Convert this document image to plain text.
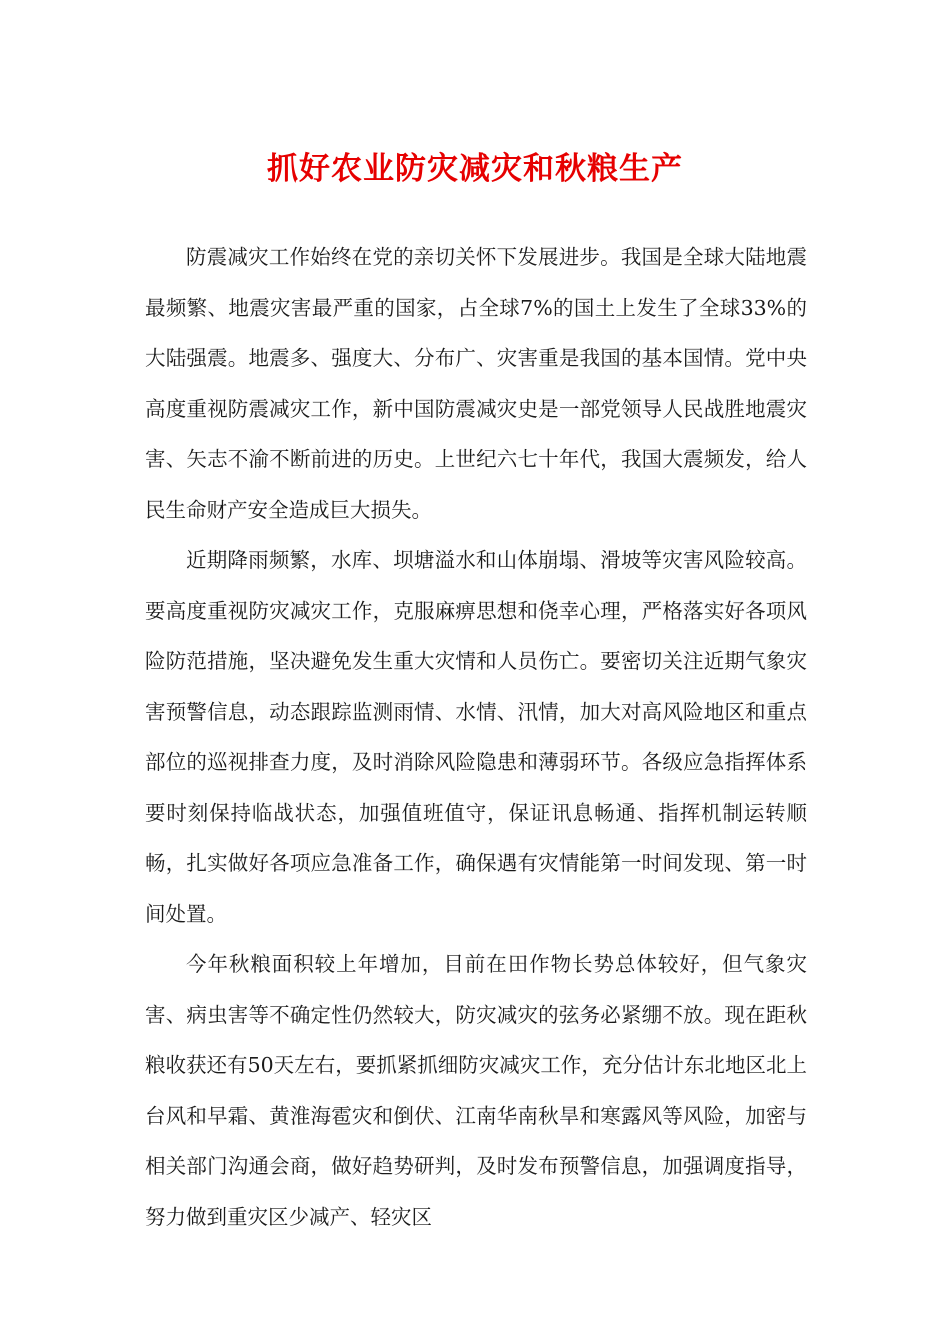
抓好农业防灾减灾和秋粮生产

防震减灾工作始终在党的亲切关怀下发展进步。我国是全球大陆地震最频繁、地震灾害最严重的国家，占全球7%的国土上发生了全球33%的大陆强震。地震多、强度大、分布广、灾害重是我国的基本国情。党中央高度重视防震减灾工作，新中国防震减灾史是一部党领导人民战胜地震灾害、矢志不渝不断前进的历史。上世纪六七十年代，我国大震频发，给人民生命财产安全造成巨大损失。

近期降雨频繁，水库、坝塘溢水和山体崩塌、滑坡等灾害风险较高。要高度重视防灾减灾工作，克服麻痹思想和侥幸心理，严格落实好各项风险防范措施，坚决避免发生重大灾情和人员伤亡。要密切关注近期气象灾害预警信息，动态跟踪监测雨情、水情、汛情，加大对高风险地区和重点部位的巡视排查力度，及时消除风险隐患和薄弱环节。各级应急指挥体系要时刻保持临战状态，加强值班值守，保证讯息畅通、指挥机制运转顺畅，扎实做好各项应急准备工作，确保遇有灾情能第一时间发现、第一时间处置。

今年秋粮面积较上年增加，目前在田作物长势总体较好，但气象灾害、病虫害等不确定性仍然较大，防灾减灾的弦务必紧绷不放。现在距秋粮收获还有50天左右，要抓紧抓细防灾减灾工作，充分估计东北地区北上台风和早霜、黄淮海雹灾和倒伏、江南华南秋旱和寒露风等风险，加密与相关部门沟通会商，做好趋势研判，及时发布预警信息，加强调度指导，努力做到重灾区少减产、轻灾区
